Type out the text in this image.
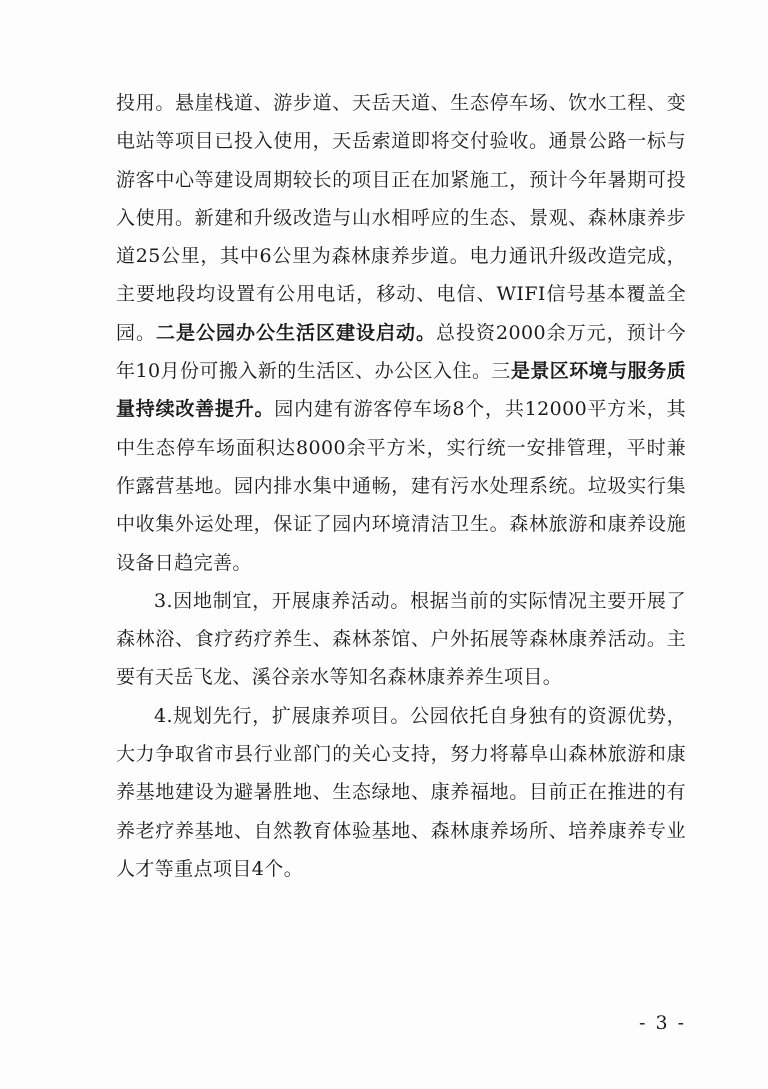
投用。悬崖栈道、游步道、天岳天道、生态停车场、饮水工程、变电站等项目已投入使用，天岳索道即将交付验收。通景公路一标与游客中心等建设周期较长的项目正在加紧施工，预计今年暑期可投入使用。新建和升级改造与山水相呼应的生态、景观、森林康养步道25公里，其中6公里为森林康养步道。电力通讯升级改造完成，主要地段均设置有公用电话，移动、电信、WIFI信号基本覆盖全园。二是公园办公生活区建设启动。总投资2000余万元，预计今年10月份可搬入新的生活区、办公区入住。三是景区环境与服务质量持续改善提升。园内建有游客停车场8个，共12000平方米，其中生态停车场面积达8000余平方米，实行统一安排管理，平时兼作露营基地。园内排水集中通畅，建有污水处理系统。垃圾实行集中收集外运处理，保证了园内环境清洁卫生。森林旅游和康养设施设备日趋完善。

3.因地制宜，开展康养活动。根据当前的实际情况主要开展了森林浴、食疗药疗养生、森林茶馆、户外拓展等森林康养活动。主要有天岳飞龙、溪谷亲水等知名森林康养养生项目。

4.规划先行，扩展康养项目。公园依托自身独有的资源优势，大力争取省市县行业部门的关心支持，努力将幕阜山森林旅游和康养基地建设为避暑胜地、生态绿地、康养福地。目前正在推进的有养老疗养基地、自然教育体验基地、森林康养场所、培养康养专业人才等重点项目4个。

- 3 -
